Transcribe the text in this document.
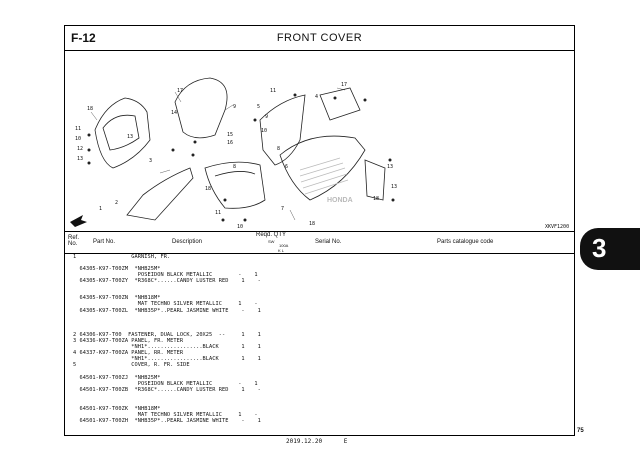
F-12	FRONT COVER
HONDA
XKVF1200
18
12
13
11
10
1
9
17
14
15
16
2
11
10
9
17
7
6	13
4
3
18
13
8
11
18
5
8
10
18
13
Ref.
No.	Part No.	Description
Reqd. QTY
SW
100A
K L
Serial No.	Parts catalogue code
1                 GARNISH, FR.
64305-K97-T00ZM  *NHB25M*
POSEIDON BLACK METALLIC        -    1
64305-K97-T00ZY  *R368C*......CANDY LUSTER RED    1    -
64305-K97-T00ZN  *NHB18M*
MAT TECHNO SILVER METALLIC     1    -
64305-K97-T00ZL  *NHB35P*..PEARL JASMINE WHITE    -    1
2 64306-K97-T00  FASTENER, DUAL LOCK, 20X25  --     1    1
3 64336-K97-T00ZA PANEL, FR. METER
*NH1*.................BLACK       1    1
4 64337-K97-T00ZA PANEL, RR. METER
*NH1*.................BLACK       1    1
5                 COVER, R. FR. SIDE
64501-K97-T00ZJ  *NHB25M*
POSEIDON BLACK METALLIC        -    1
64501-K97-T00ZB  *R368C*......CANDY LUSTER RED    1    -
64501-K97-T00ZK  *NHB18M*
MAT TECHNO SILVER METALLIC     1    -
64501-K97-T00ZH  *NHB35P*..PEARL JASMINE WHITE    -    1
3
75
2019.12.20	E
